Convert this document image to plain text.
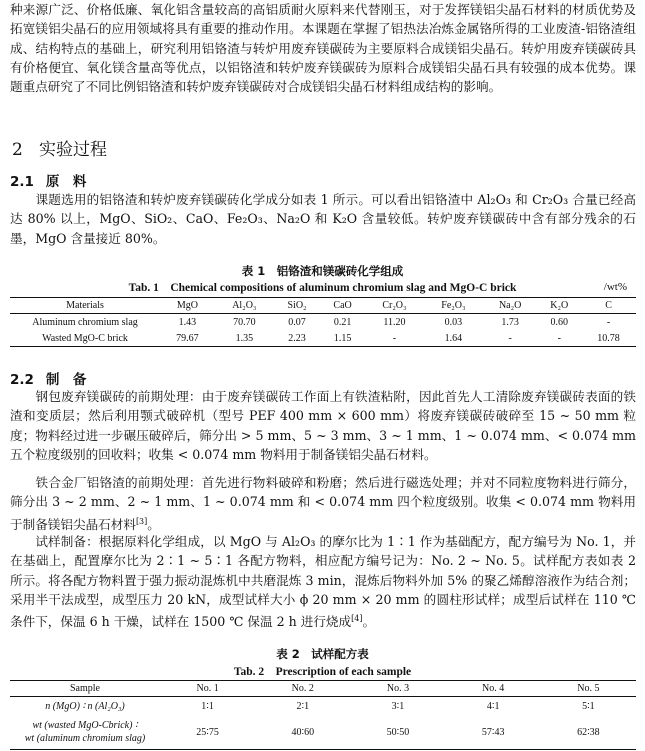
种来源广泛、价格低廉、氧化铝含量较高的高铝质耐火原料来代替刚玉，对于发挥镁铝尖晶石材料的材质优势及拓宽镁铝尖晶石的应用领域将具有重要的推动作用。本课题在掌握了铝热法冶炼金属铬所得的工业废渣-铝铬渣组成、结构特点的基础上，研究利用铝铬渣与转炉用废弃镁碳砖为主要原料合成镁铝尖晶石。转炉用废弃镁碳砖具有价格便宜、氧化镁含量高等优点，以铝铬渣和转炉废弃镁碳砖为原料合成镁铝尖晶石具有较强的成本优势。课题重点研究了不同比例铝铬渣和转炉废弃镁碳砖对合成镁铝尖晶石材料组成结构的影响。
2 实验过程
2.1 原　料
　　课题选用的铝铬渣和转炉废弃镁碳砖化学成分如表 1 所示。可以看出铝铬渣中 Al₂O₃ 和 Cr₂O₃ 合量已经高达 80% 以上，MgO、SiO₂、CaO、Fe₂O₃、Na₂O 和 K₂O 含量较低。转炉废弃镁碳砖中含有部分残余的石墨，MgO 含量接近 80%。
表 1　铝铬渣和镁碳砖化学组成
Tab. 1　Chemical compositions of aluminum chromium slag and MgO-C brick	/wt%
Materials	MgO	Al₂O₃	SiO₂	CaO	Cr₂O₃	Fe₂O₃	Na₂O	K₂O	C
Aluminum chromium slag	1.43	70.70	0.07	0.21	11.20	0.03	1.73	0.60	-
Wasted MgO-C brick	79.67	1.35	2.23	1.15	-	1.64	-	-	10.78
2.2 制　备
　　钢包废弃镁碳砖的前期处理：由于废弃镁碳砖工作面上有铁渣粘附，因此首先人工清除废弃镁碳砖表面的铁渣和变质层；然后利用颚式破碎机（型号 PEF 400 mm × 600 mm）将废弃镁碳砖破碎至 15 ~ 50 mm 粒度；物料经过进一步碾压破碎后，筛分出 > 5 mm、5 ~ 3 mm、3 ~ 1 mm、1 ~ 0.074 mm、< 0.074 mm 五个粒度级别的回收料；收集 < 0.074 mm 物料用于制备镁铝尖晶石材料。
　　铁合金厂铝铬渣的前期处理：首先进行物料破碎和粉磨；然后进行磁选处理；并对不同粒度物料进行筛分，筛分出 3 ~ 2 mm、2 ~ 1 mm、1 ~ 0.074 mm 和 < 0.074 mm 四个粒度级别。收集 < 0.074 mm 物料用于制备镁铝尖晶石材料[3]。
　　试样制备：根据原料化学组成，以 MgO 与 Al₂O₃ 的摩尔比为 1∶1 作为基础配方，配方编号为 No. 1，并在基础上，配置摩尔比为 2∶1 ~ 5∶1 各配方物料，相应配方编号记为：No. 2 ~ No. 5。试样配方表如表 2 所示。将各配方物料置于强力振动混炼机中共磨混炼 3 min，混炼后物料外加 5% 的聚乙烯醇溶液作为结合剂；采用半干法成型，成型压力 20 kN，成型试样大小 ϕ 20 mm × 20 mm 的圆柱形试样；成型后试样在 110 ℃ 条件下，保温 6 h 干燥，试样在 1500 ℃ 保温 2 h 进行烧成[4]。
表 2　试样配方表
Tab. 2　Prescription of each sample
Sample	No. 1	No. 2	No. 3	No. 4	No. 5
n (MgO) ∶ n (Al₂O₃)	1∶1	2∶1	3∶1	4∶1	5∶1

wt (wasted MgO-Cbrick) ∶
wt (aluminum chromium slag)	25∶75	40∶60	50∶50	57∶43	62∶38
